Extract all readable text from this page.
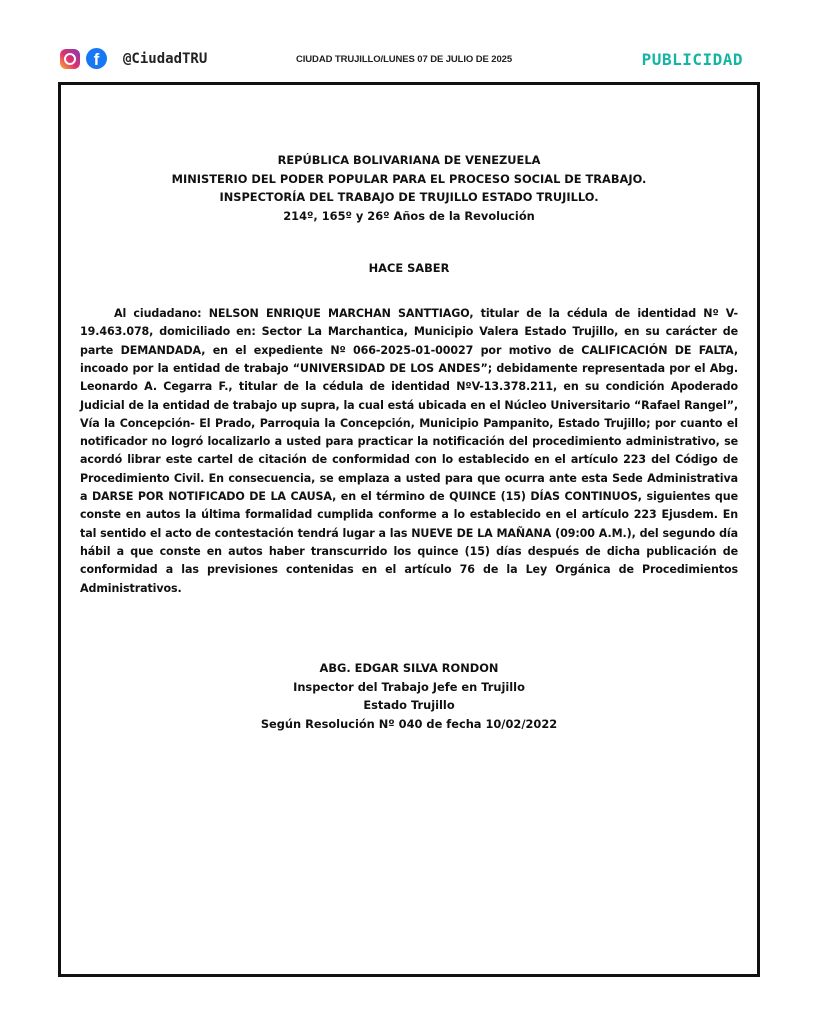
f	@CiudadTRU	CIUDAD TRUJILLO/LUNES 07 DE JULIO DE 2025	PUBLICIDAD
REPÚBLICA BOLIVARIANA DE VENEZUELA
MINISTERIO DEL PODER POPULAR PARA EL PROCESO SOCIAL DE TRABAJO.
INSPECTORÍA DEL TRABAJO DE TRUJILLO ESTADO TRUJILLO.
214º, 165º y 26º Años de la Revolución
HACE SABER

Al ciudadano: NELSON ENRIQUE MARCHAN SANTTIAGO, titular de la cédula de identidad Nº V-19.463.078, domiciliado en: Sector La Marchantica, Municipio Valera Estado Trujillo, en su carácter de parte DEMANDADA, en el expediente Nº 066-2025-01-00027 por motivo de CALIFICACIÓN DE FALTA, incoado por la entidad de trabajo “UNIVERSIDAD DE LOS ANDES”; debidamente representada por el Abg. Leonardo A. Cegarra F., titular de la cédula de identidad NºV-13.378.211, en su condición Apoderado Judicial de la entidad de trabajo up supra, la cual está ubicada en el Núcleo Universitario “Rafael Rangel”, Vía la Concepción- El Prado, Parroquia la Concepción, Municipio Pampanito, Estado Trujillo; por cuanto el notificador no logró localizarlo a usted para practicar la notificación del procedimiento administrativo, se acordó librar este cartel de citación de conformidad con lo establecido en el artículo 223 del Código de Procedimiento Civil. En consecuencia, se emplaza a usted para que ocurra ante esta Sede Administrativa a DARSE POR NOTIFICADO DE LA CAUSA, en el término de QUINCE (15) DÍAS CONTINUOS, siguientes que conste en autos la última formalidad cumplida conforme a lo establecido en el artículo 223 Ejusdem. En tal sentido el acto de contestación tendrá lugar a las NUEVE DE LA MAÑANA (09:00 A.M.), del segundo día hábil a que conste en autos haber transcurrido los quince (15) días después de dicha publicación de conformidad a las previsiones contenidas en el artículo 76 de la Ley Orgánica de Procedimientos Administrativos.

ABG. EDGAR SILVA RONDON
Inspector del Trabajo Jefe en Trujillo
Estado Trujillo
Según Resolución Nº 040 de fecha 10/02/2022
